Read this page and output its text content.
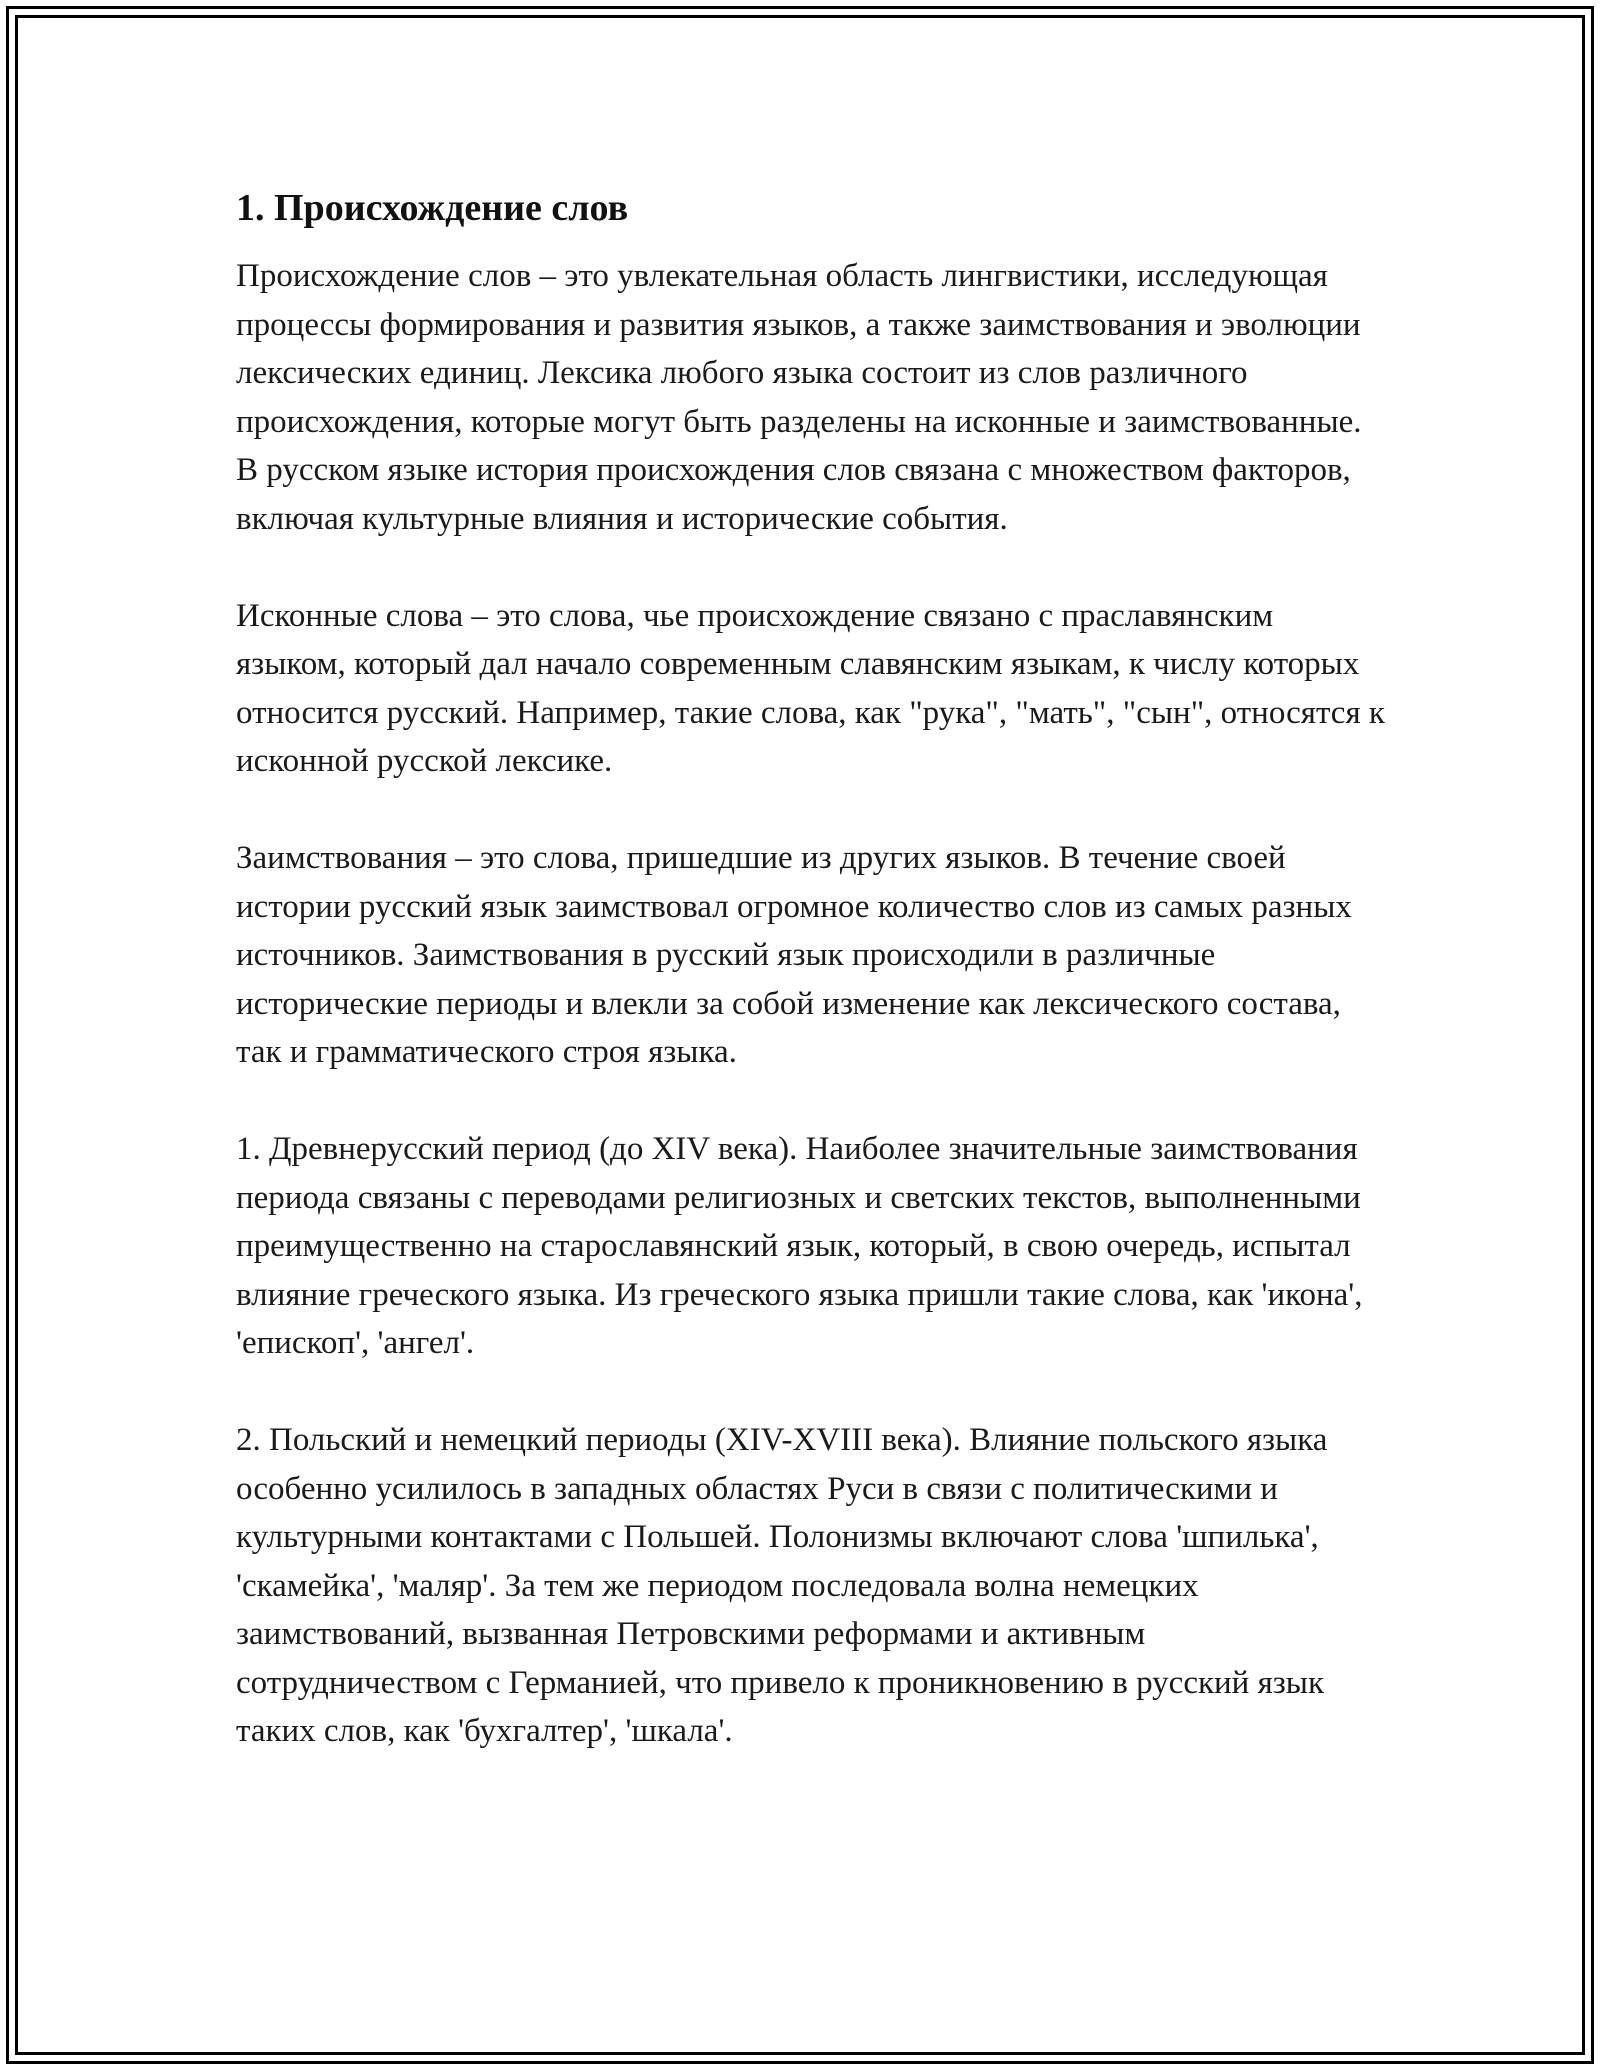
1. Происхождение слов

Происхождение слов – это увлекательная область лингвистики, исследующая процессы формирования и развития языков, а также заимствования и эволюции лексических единиц. Лексика любого языка состоит из слов различного происхождения, которые могут быть разделены на исконные и заимствованные. В русском языке история происхождения слов связана с множеством факторов, включая культурные влияния и исторические события.

Исконные слова – это слова, чье происхождение связано с праславянским языком, который дал начало современным славянским языкам, к числу которых относится русский. Например, такие слова, как "рука", "мать", "сын", относятся к исконной русской лексике.

Заимствования – это слова, пришедшие из других языков. В течение своей истории русский язык заимствовал огромное количество слов из самых разных источников. Заимствования в русский язык происходили в различные исторические периоды и влекли за собой изменение как лексического состава, так и грамматического строя языка.

1. Древнерусский период (до XIV века). Наиболее значительные заимствования периода связаны с переводами религиозных и светских текстов, выполненными преимущественно на старославянский язык, который, в свою очередь, испытал влияние греческого языка. Из греческого языка пришли такие слова, как 'икона', 'епископ', 'ангел'.

2. Польский и немецкий периоды (XIV-XVIII века). Влияние польского языка особенно усилилось в западных областях Руси в связи с политическими и культурными контактами с Польшей. Полонизмы включают слова 'шпилька', 'скамейка', 'маляр'. За тем же периодом последовала волна немецких заимствований, вызванная Петровскими реформами и активным сотрудничеством с Германией, что привело к проникновению в русский язык таких слов, как 'бухгалтер', 'шкала'.
